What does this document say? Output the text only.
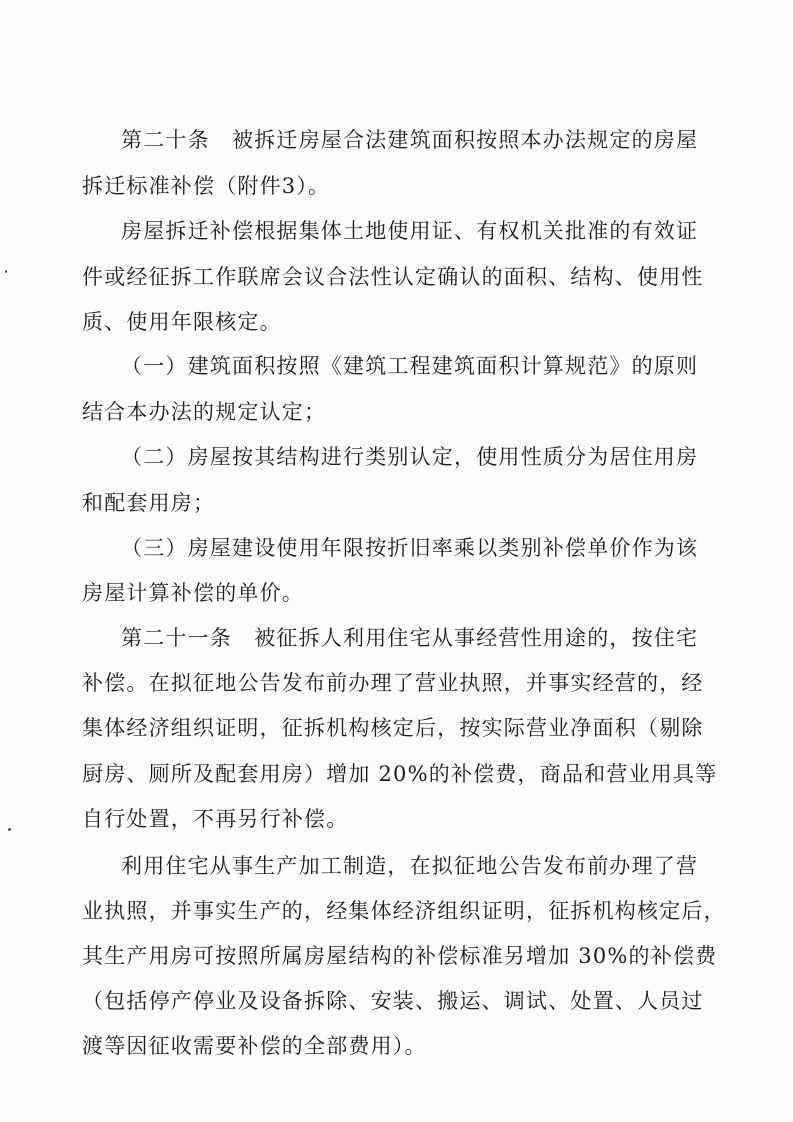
第二十条　被拆迁房屋合法建筑面积按照本办法规定的房屋
拆迁标准补偿（附件3）。
房屋拆迁补偿根据集体土地使用证、有权机关批准的有效证
件或经征拆工作联席会议合法性认定确认的面积、结构、使用性
质、使用年限核定。
（一）建筑面积按照《建筑工程建筑面积计算规范》的原则
结合本办法的规定认定；
（二）房屋按其结构进行类别认定，使用性质分为居住用房
和配套用房；
（三）房屋建设使用年限按折旧率乘以类别补偿单价作为该
房屋计算补偿的单价。
第二十一条　被征拆人利用住宅从事经营性用途的，按住宅
补偿。在拟征地公告发布前办理了营业执照，并事实经营的，经
集体经济组织证明，征拆机构核定后，按实际营业净面积（剔除
厨房、厕所及配套用房）增加 20%的补偿费，商品和营业用具等
自行处置，不再另行补偿。
利用住宅从事生产加工制造，在拟征地公告发布前办理了营
业执照，并事实生产的，经集体经济组织证明，征拆机构核定后，
其生产用房可按照所属房屋结构的补偿标准另增加 30%的补偿费
（包括停产停业及设备拆除、安装、搬运、调试、处置、人员过
渡等因征收需要补偿的全部费用）。
